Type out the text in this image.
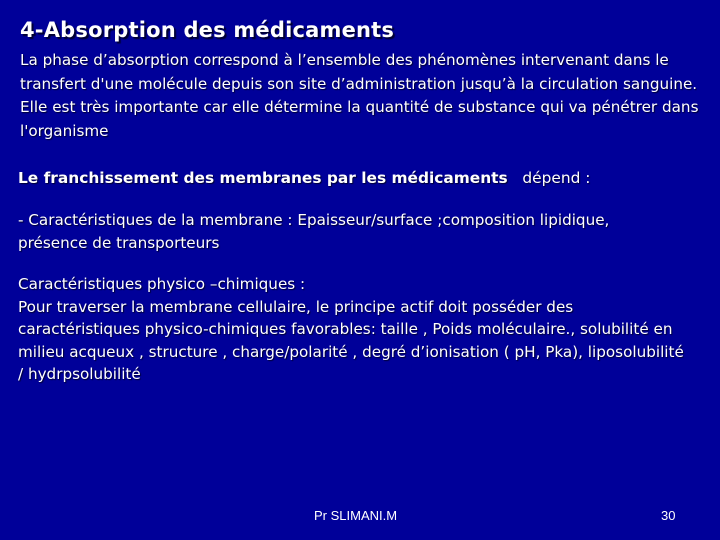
4-Absorption des médicaments
La phase d’absorption correspond à l’ensemble des phénomènes intervenant dans le transfert d'une molécule depuis son site d’administration jusqu’à la circulation sanguine. Elle est très importante car elle détermine la quantité de substance qui va pénétrer dans l'organisme
Le franchissement des membranes par les médicaments dépend :
- Caractéristiques de la membrane : Epaisseur/surface ;composition lipidique,
présence de transporteurs
Caractéristiques physico –chimiques :
Pour traverser la membrane cellulaire, le principe actif doit posséder des
caractéristiques physico-chimiques favorables: taille , Poids moléculaire., solubilité en
milieu acqueux , structure , charge/polarité , degré d’ionisation ( pH, Pka), liposolubilité
/ hydrpsolubilité
Pr SLIMANI.M	30
